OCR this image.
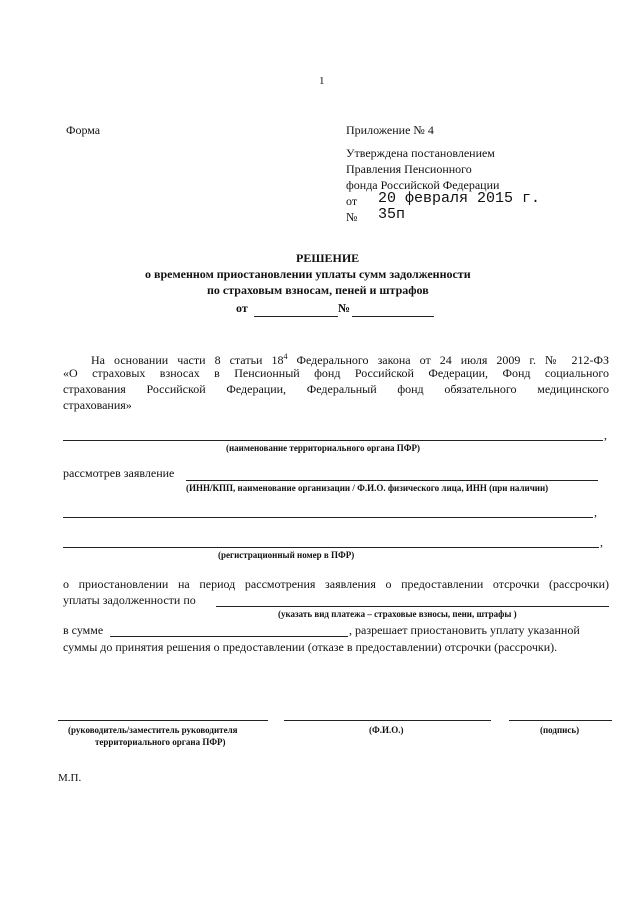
1
Форма	Приложение № 4
Утверждена постановлением
Правления Пенсионного
фонда Российской Федерации
от 20 февраля 2015 г.
№ 35п
РЕШЕНИЕ
о временном приостановлении уплаты сумм задолженности
по страховым взносам, пеней и штрафов
от	№
На основании части 8 статьи $18^4$ Федерального закона от 24 июля 2009 г. № 212-ФЗ
«О страховых взносах в Пенсионный фонд Российской Федерации, Фонд социального
страхования Российской Федерации, Федеральный фонд обязательного медицинского
страхования»
,
(наименование территориального органа ПФР)
рассмотрев заявление
(ИНН/КПП, наименование организации / Ф.И.О. физического лица, ИНН (при наличии)
,
,
(регистрационный номер в ПФР)
о приостановлении на период рассмотрения заявления о предоставлении отсрочки (рассрочки)
уплаты задолженности по
(указать вид платежа – страховые взносы, пени, штрафы )
в сумме	, разрешает приостановить уплату указанной
суммы до принятия решения о предоставлении (отказе в предоставлении) отсрочки (рассрочки).
(руководитель/заместитель руководителя
территориального органа ПФР)
(Ф.И.О.)	(подпись)
М.П.
